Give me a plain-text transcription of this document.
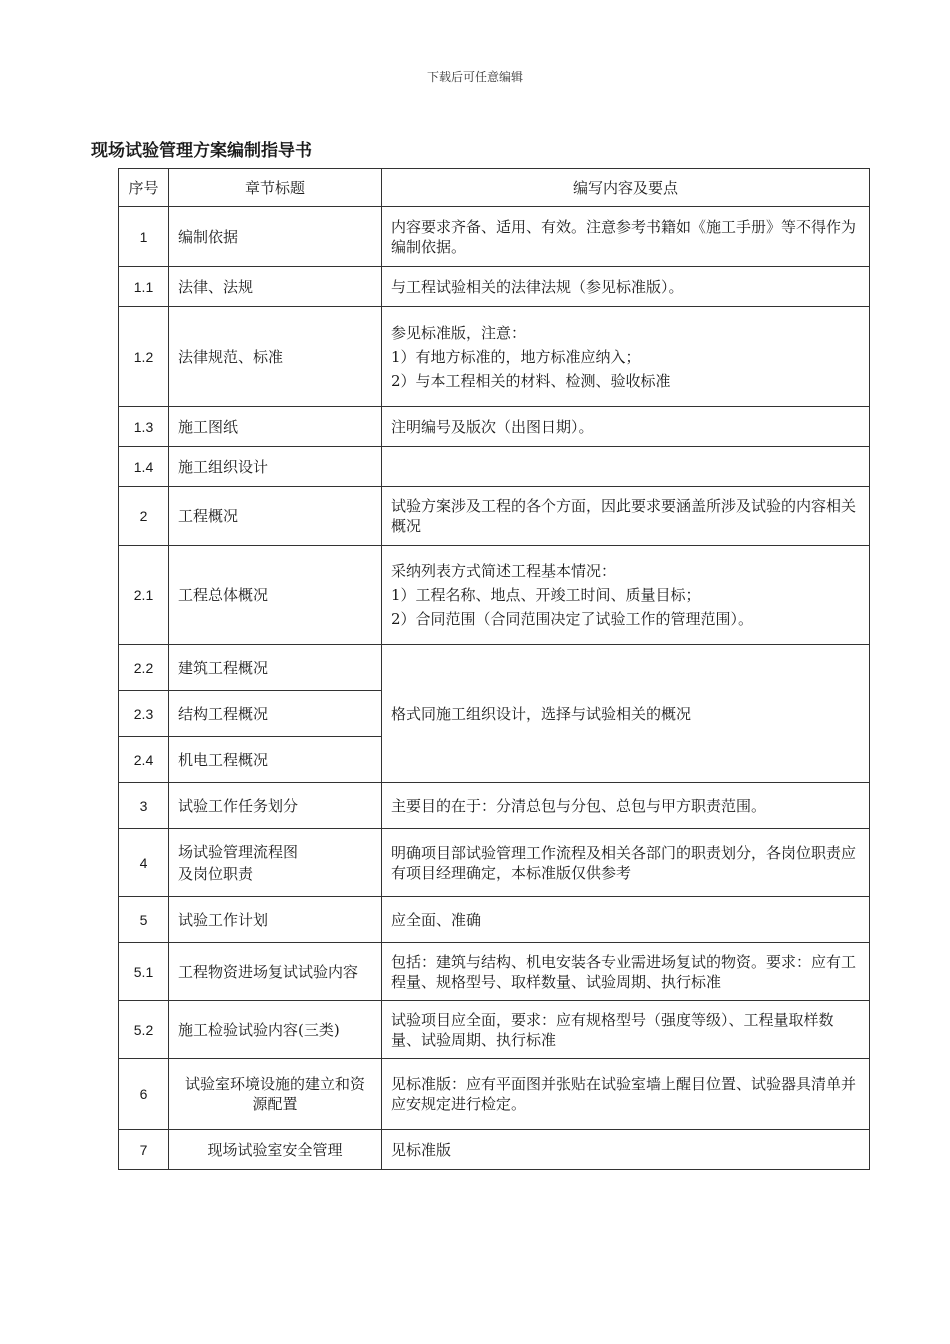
下载后可任意编辑
现场试验管理方案编制指导书
序号	章节标题	编写内容及要点
1	编制依据	内容要求齐备、适用、有效。注意参考书籍如《施工手册》等不得作为编制依据。
1.1	法律、法规	与工程试验相关的法律法规（参见标准版）。
1.2	法律规范、标准	参见标准版，注意：
1）有地方标准的，地方标准应纳入；
2）与本工程相关的材料、检测、验收标准

1.3	施工图纸	注明编号及版次（出图日期）。
1.4	施工组织设计	
2	工程概况	试验方案涉及工程的各个方面，因此要求要涵盖所涉及试验的内容相关概况
2.1	工程总体概况	采纳列表方式简述工程基本情况：
1）工程名称、地点、开竣工时间、质量目标；
2）合同范围（合同范围决定了试验工作的管理范围）。

2.2	建筑工程概况	格式同施工组织设计，选择与试验相关的概况
2.3	结构工程概况	
2.4	机电工程概况	
3	试验工作任务划分	主要目的在于：分清总包与分包、总包与甲方职责范围。
4	场试验管理流程图
及岗位职责	明确项目部试验管理工作流程及相关各部门的职责划分，各岗位职责应有项目经理确定，本标准版仅供参考
5	试验工作计划	应全面、准确
5.1	工程物资进场复试试验内容	包括：建筑与结构、机电安装各专业需进场复试的物资。要求：应有工程量、规格型号、取样数量、试验周期、执行标准
5.2	施工检验试验内容(三类)	试验项目应全面，要求：应有规格型号（强度等级）、工程量取样数量、试验周期、执行标准
6	试验室环境设施的建立和资源配置	见标准版：应有平面图并张贴在试验室墙上醒目位置、试验器具清单并应安规定进行检定。
7	现场试验室安全管理	见标准版
